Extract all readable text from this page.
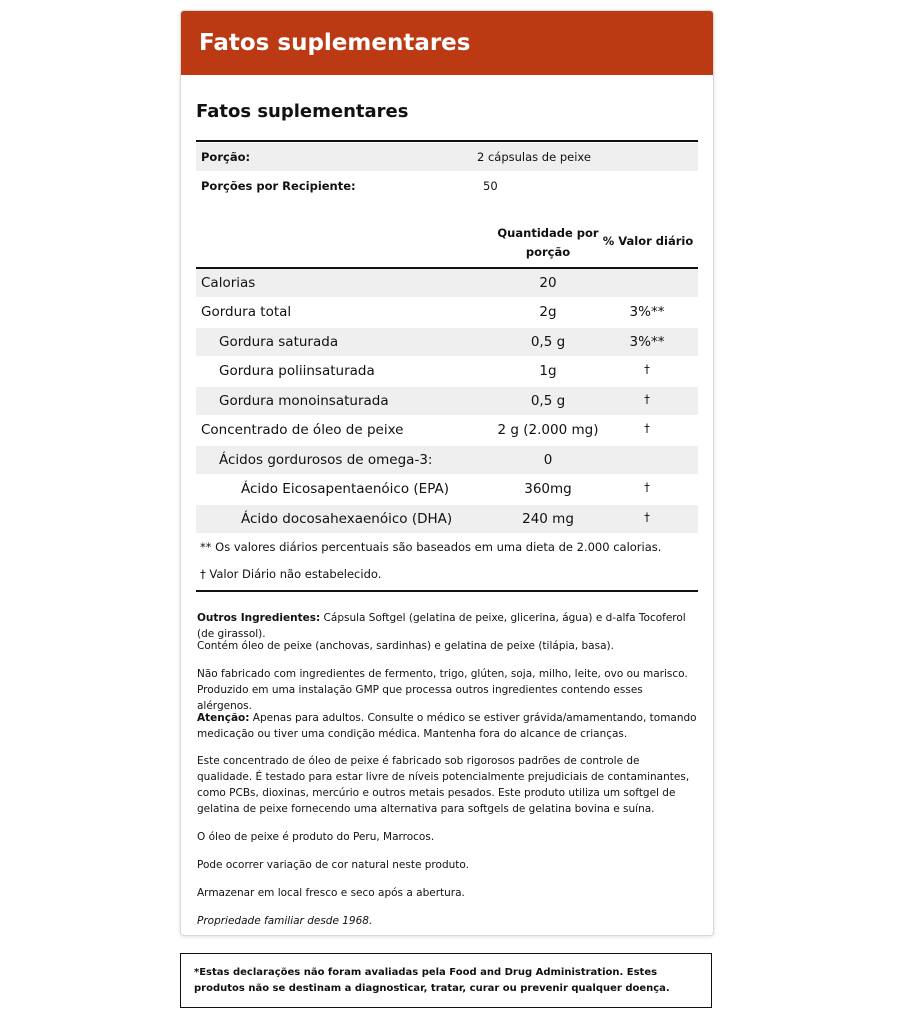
Fatos suplementares
Fatos suplementares
Porção:	2 cápsulas de peixe
Porções por Recipiente:	50
Quantidade por
porção
% Valor diário
Calorias	20
Gordura total	2g	3%**
Gordura saturada	0,5 g	3%**
Gordura poliinsaturada	1g	†
Gordura monoinsaturada	0,5 g	†
Concentrado de óleo de peixe	2 g (2.000 mg)	†
Ácidos gordurosos de omega-3:	0
Ácido Eicosapentaenóico (EPA)	360mg	†
Ácido docosahexaenóico (DHA)	240 mg	†
** Os valores diários percentuais são baseados em uma dieta de 2.000 calorias.
† Valor Diário não estabelecido.
Outros Ingredientes: Cápsula Softgel (gelatina de peixe, glicerina, água) e d-alfa Tocoferol (de girassol).
Contém óleo de peixe (anchovas, sardinhas) e gelatina de peixe (tilápia, basa).
Não fabricado com ingredientes de fermento, trigo, glúten, soja, milho, leite, ovo ou marisco. Produzido em uma instalação GMP que processa outros ingredientes contendo esses alérgenos.
Atenção: Apenas para adultos. Consulte o médico se estiver grávida/amamentando, tomando medicação ou tiver uma condição médica. Mantenha fora do alcance de crianças.
Este concentrado de óleo de peixe é fabricado sob rigorosos padrões de controle de qualidade. É testado para estar livre de níveis potencialmente prejudiciais de contaminantes, como PCBs, dioxinas, mercúrio e outros metais pesados. Este produto utiliza um softgel de gelatina de peixe fornecendo uma alternativa para softgels de gelatina bovina e suína.
O óleo de peixe é produto do Peru, Marrocos.
Pode ocorrer variação de cor natural neste produto.
Armazenar em local fresco e seco após a abertura.
Propriedade familiar desde 1968.
*Estas declarações não foram avaliadas pela Food and Drug Administration. Estes produtos não se destinam a diagnosticar, tratar, curar ou prevenir qualquer doença.
